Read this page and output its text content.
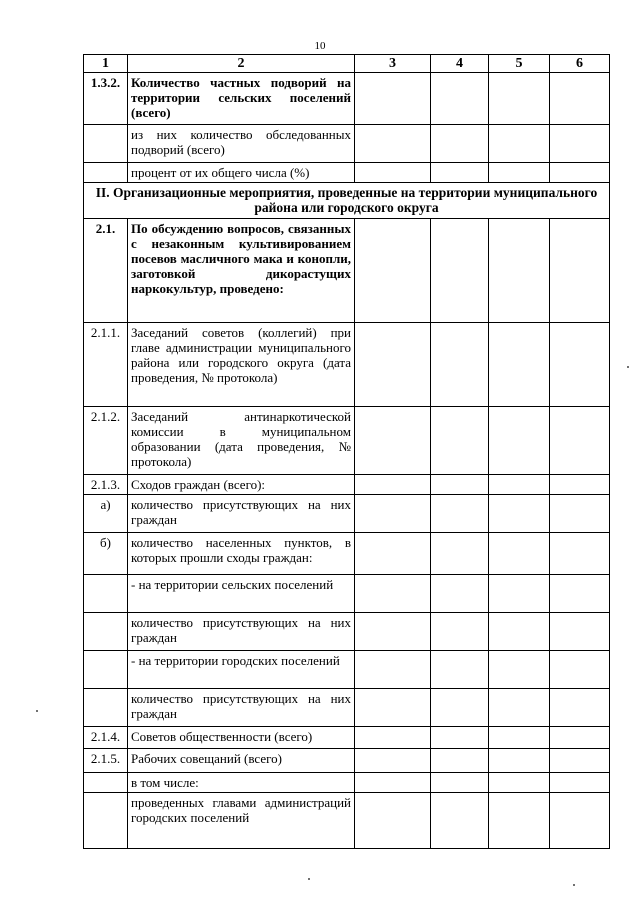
10
1	2	3	4	5	6
1.3.2.	Количество частных подворий на территории сельских поселений (всего)				
	из них количество обследованных подворий (всего)				
	процент от их общего числа (%)				
II. Организационные мероприятия, проведенные на территории муниципального района или городского округа					
2.1.	По обсуждению вопросов, связанных с незаконным культивированием посевов масличного мака и конопли, заготовкой дикорастущих наркокультур, проведено:				
2.1.1.	Заседаний советов (коллегий) при главе администрации муниципального района или городского округа (дата проведения, № протокола)				
2.1.2.	Заседаний антинаркотической комиссии в муниципальном образовании (дата проведения, № протокола)				
2.1.3.	Сходов граждан (всего):				
а)	количество присутствующих на них граждан				
б)	количество населенных пунктов, в которых прошли сходы граждан:				
	- на территории сельских поселений				
	количество присутствующих на них граждан				
	- на территории городских поселений				
	количество присутствующих на них граждан				
2.1.4.	Советов общественности (всего)				
2.1.5.	Рабочих совещаний (всего)				
	в том числе:				
	проведенных главами администраций городских поселений				
